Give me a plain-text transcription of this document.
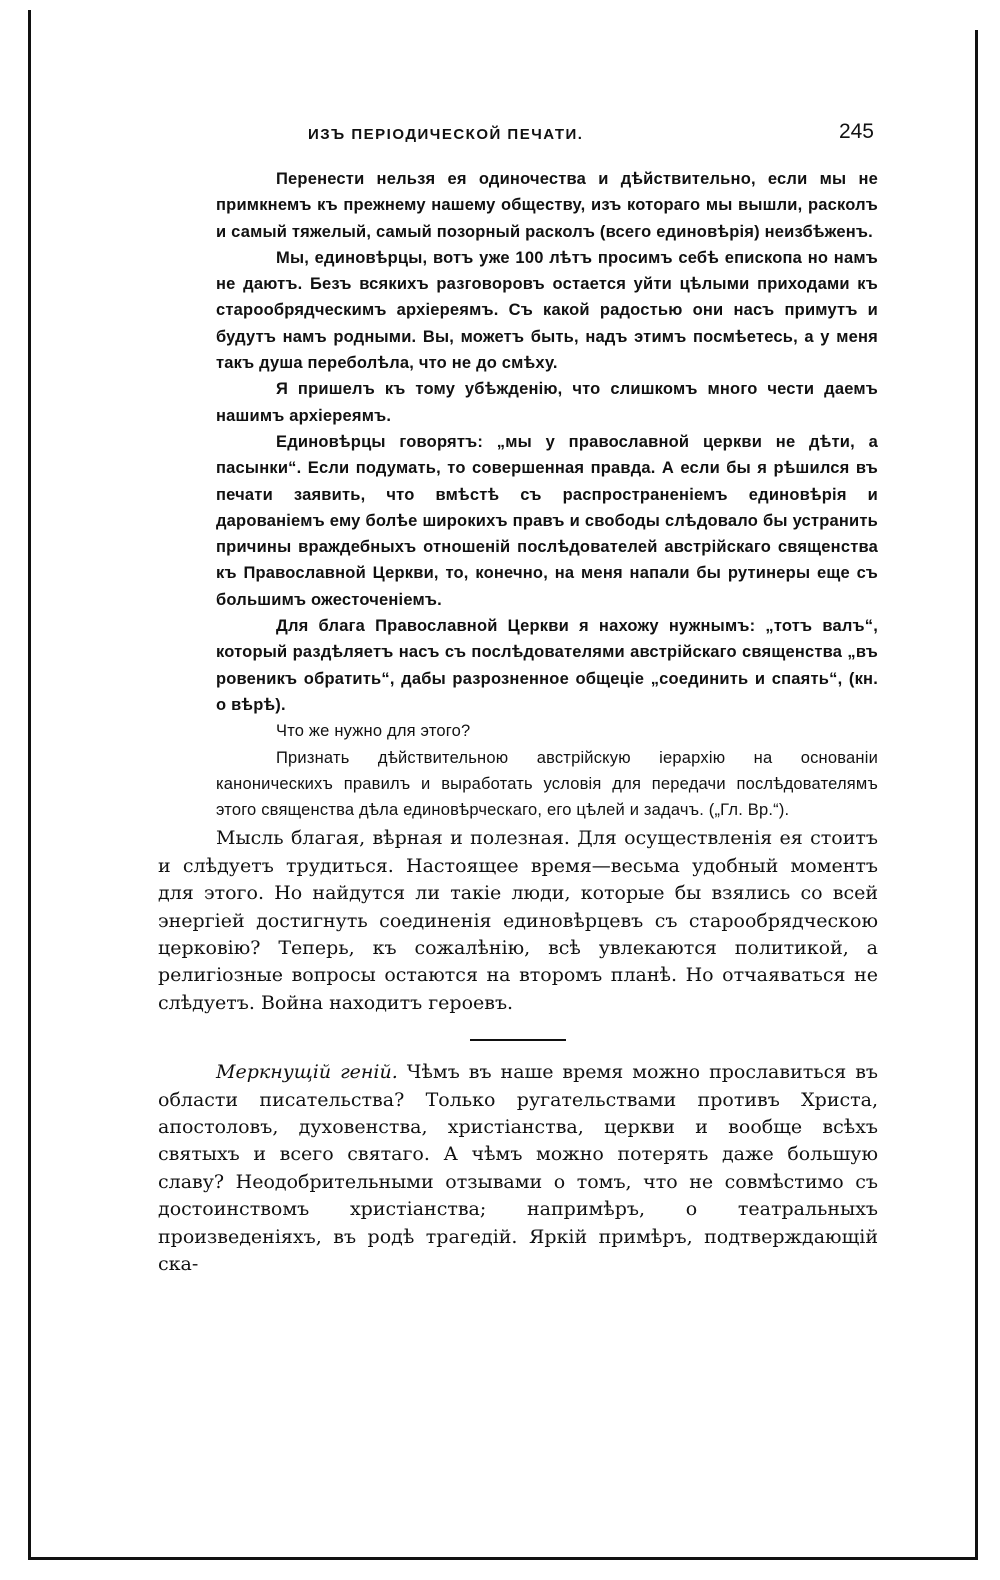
ИЗЪ ПЕРІОДИЧЕСКОЙ ПЕЧАТИ.	245

Перенести нельзя ея одиночества и дѣйствительно, если мы не примкнемъ къ прежнему нашему обществу, изъ котораго мы вышли, расколъ и самый тяжелый, самый позорный расколъ (всего единовѣрія) неизбѣженъ.

Мы, единовѣрцы, вотъ уже 100 лѣтъ просимъ себѣ епископа но намъ не даютъ. Безъ всякихъ разговоровъ остается уйти цѣлыми приходами къ старообрядческимъ архіереямъ. Съ какой радостью они насъ примутъ и будутъ намъ родными. Вы, можетъ быть, надъ этимъ посмѣетесь, а у меня такъ душа переболѣла, что не до смѣху.

Я пришелъ къ тому убѣжденію, что слишкомъ много чести даемъ нашимъ архіереямъ.

Единовѣрцы говорятъ: „мы у православной церкви не дѣти, а пасынки“. Если подумать, то совершенная правда. А если бы я рѣшился въ печати заявить, что вмѣстѣ съ распространеніемъ единовѣрія и дарованіемъ ему болѣе широкихъ правъ и свободы слѣдовало бы устранить причины враждебныхъ отношеній послѣдователей австрійскаго священства къ Православной Церкви, то, конечно, на меня напали бы рутинеры еще съ большимъ ожесточеніемъ.

Для блага Православной Церкви я нахожу нужнымъ: „тотъ валъ“, который раздѣляетъ насъ съ послѣдователями австрійскаго священства „въ ровеникъ обратить“, дабы разрозненное общеціе „соединить и спаять“, (кн. о вѣрѣ).

Что же нужно для этого?

Признать дѣйствительною австрійскую іерархію на основаніи каноническихъ правилъ и выработать условія для передачи послѣдователямъ этого священства дѣла единовѣрческаго, его цѣлей и задачъ. („Гл. Вр.“).

Мысль благая, вѣрная и полезная. Для осуществленія ея стоитъ и слѣдуетъ трудиться. Настоящее время—весьма удобный моментъ для этого. Но найдутся ли такіе люди, которые бы взялись со всей энергіей достигнуть соединенія единовѣрцевъ съ старообрядческою церковію? Теперь, къ сожалѣнію, всѣ увлекаются политикой, а религіозные вопросы остаются на второмъ планѣ. Но отчаяваться не слѣдуетъ. Война находитъ героевъ.

Меркнущій геній. Чѣмъ въ наше время можно прославиться въ области писательства? Только ругательствами противъ Христа, апостоловъ, духовенства, христіанства, церкви и вообще всѣхъ святыхъ и всего святаго. А чѣмъ можно потерять даже большую славу? Неодобрительными отзывами о томъ, что не совмѣстимо съ достоинствомъ христіанства; напримѣръ, о театральныхъ произведеніяхъ, въ родѣ трагедій. Яркій примѣръ, подтверждающій ска-
